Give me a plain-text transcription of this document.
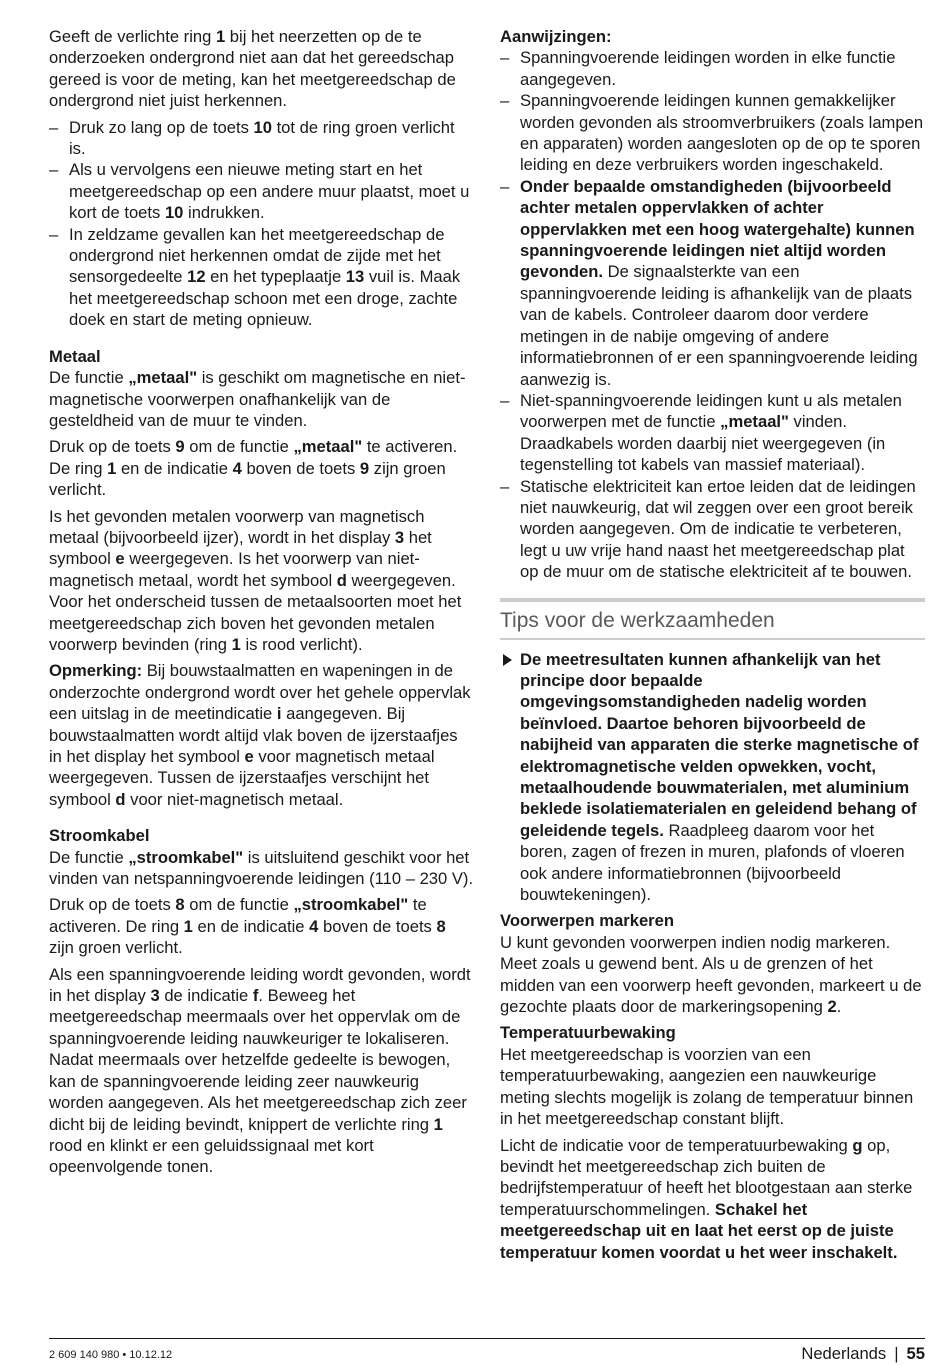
Geeft de verlichte ring 1 bij het neerzetten op de te onderzoeken ondergrond niet aan dat het gereedschap gereed is voor de meting, kan het meetgereedschap de ondergrond niet juist herkennen.

– Druk zo lang op de toets 10 tot de ring groen verlicht is.
– Als u vervolgens een nieuwe meting start en het meetgereedschap op een andere muur plaatst, moet u kort de toets 10 indrukken.
– In zeldzame gevallen kan het meetgereedschap de ondergrond niet herkennen omdat de zijde met het sensorgedeelte 12 en het typeplaatje 13 vuil is. Maak het meetgereedschap schoon met een droge, zachte doek en start de meting opnieuw.

Metaal

De functie „metaal" is geschikt om magnetische en niet-magnetische voorwerpen onafhankelijk van de gesteldheid van de muur te vinden.

Druk op de toets 9 om de functie „metaal" te activeren. De ring 1 en de indicatie 4 boven de toets 9 zijn groen verlicht.

Is het gevonden metalen voorwerp van magnetisch metaal (bijvoorbeeld ijzer), wordt in het display 3 het symbool e weergegeven. Is het voorwerp van niet-magnetisch metaal, wordt het symbool d weergegeven. Voor het onderscheid tussen de metaalsoorten moet het meetgereedschap zich boven het gevonden metalen voorwerp bevinden (ring 1 is rood verlicht).

Opmerking: Bij bouwstaalmatten en wapeningen in de onderzochte ondergrond wordt over het gehele oppervlak een uitslag in de meetindicatie i aangegeven. Bij bouwstaalmatten wordt altijd vlak boven de ijzerstaafjes in het display het symbool e voor magnetisch metaal weergegeven. Tussen de ijzerstaafjes verschijnt het symbool d voor niet-magnetisch metaal.

Stroomkabel

De functie „stroomkabel" is uitsluitend geschikt voor het vinden van netspanningvoerende leidingen (110 – 230 V).

Druk op de toets 8 om de functie „stroomkabel" te activeren. De ring 1 en de indicatie 4 boven de toets 8 zijn groen verlicht.

Als een spanningvoerende leiding wordt gevonden, wordt in het display 3 de indicatie f. Beweeg het meetgereedschap meermaals over het oppervlak om de spanningvoerende leiding nauwkeuriger te lokaliseren. Nadat meermaals over hetzelfde gedeelte is bewogen, kan de spanningvoerende leiding zeer nauwkeurig worden aangegeven. Als het meetgereedschap zich zeer dicht bij de leiding bevindt, knippert de verlichte ring 1 rood en klinkt er een geluidssignaal met kort opeenvolgende tonen.

Aanwijzingen:

– Spanningvoerende leidingen worden in elke functie aangegeven.
– Spanningvoerende leidingen kunnen gemakkelijker worden gevonden als stroomverbruikers (zoals lampen en apparaten) worden aangesloten op de op te sporen leiding en deze verbruikers worden ingeschakeld.
– Onder bepaalde omstandigheden (bijvoorbeeld achter metalen oppervlakken of achter oppervlakken met een hoog watergehalte) kunnen spanningvoerende leidingen niet altijd worden gevonden. De signaalsterkte van een spanningvoerende leiding is afhankelijk van de plaats van de kabels. Controleer daarom door verdere metingen in de nabije omgeving of andere informatiebronnen of er een spanningvoerende leiding aanwezig is.
– Niet-spanningvoerende leidingen kunt u als metalen voorwerpen met de functie „metaal" vinden. Draadkabels worden daarbij niet weergegeven (in tegenstelling tot kabels van massief materiaal).
– Statische elektriciteit kan ertoe leiden dat de leidingen niet nauwkeurig, dat wil zeggen over een groot bereik worden aangegeven. Om de indicatie te verbeteren, legt u uw vrije hand naast het meetgereedschap plat op de muur om de statische elektriciteit af te bouwen.
Tips voor de werkzaamheden
De meetresultaten kunnen afhankelijk van het principe door bepaalde omgevingsomstandigheden nadelig worden beïnvloed. Daartoe behoren bijvoorbeeld de nabijheid van apparaten die sterke magnetische of elektromagnetische velden opwekken, vocht, metaalhoudende bouwmaterialen, met aluminium beklede isolatiematerialen en geleidend behang of geleidende tegels. Raadpleeg daarom voor het boren, zagen of frezen in muren, plafonds of vloeren ook andere informatiebronnen (bijvoorbeeld bouwtekeningen).

Voorwerpen markeren

U kunt gevonden voorwerpen indien nodig markeren. Meet zoals u gewend bent. Als u de grenzen of het midden van een voorwerp heeft gevonden, markeert u de gezochte plaats door de markeringsopening 2.

Temperatuurbewaking

Het meetgereedschap is voorzien van een temperatuurbewaking, aangezien een nauwkeurige meting slechts mogelijk is zolang de temperatuur binnen in het meetgereedschap constant blijft.

Licht de indicatie voor de temperatuurbewaking g op, bevindt het meetgereedschap zich buiten de bedrijfstemperatuur of heeft het blootgestaan aan sterke temperatuurschommelingen. Schakel het meetgereedschap uit en laat het eerst op de juiste temperatuur komen voordat u het weer inschakelt.

2 609 140 980 • 10.12.12	Nederlands | 55
